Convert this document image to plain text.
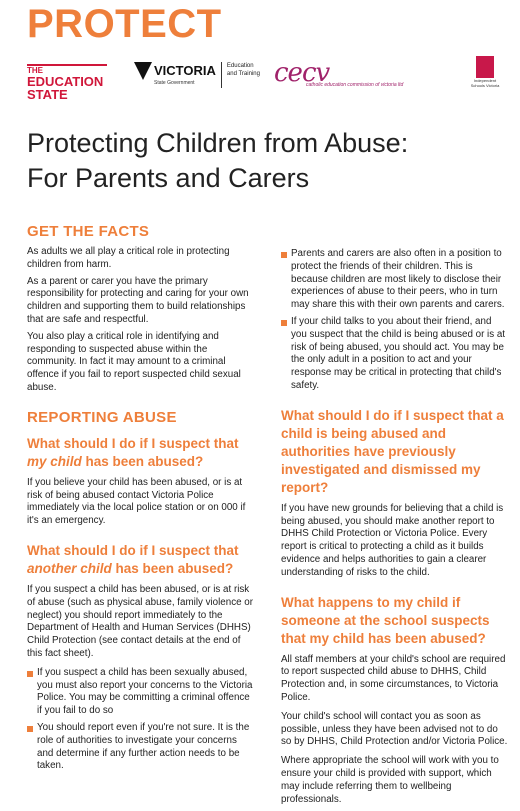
PROTECT
THE
EDUCATION
STATE
VICTORIA
State Government
Education
and Training cecv
catholic education commission of victoria ltd
Independent
Schools Victoria
Protecting Children from Abuse:
For Parents and Carers
GET THE FACTS

As adults we all play a critical role in protecting children from harm.

As a parent or carer you have the primary responsibility for protecting and caring for your own children and supporting them to build relationships that are safe and respectful.

You also play a critical role in identifying and responding to suspected abuse within the community. In fact it may amount to a criminal offence if you fail to report suspected child sexual abuse.

REPORTING ABUSE
What should I do if I suspect that my child has been abused?

If you believe your child has been abused, or is at risk of being abused contact Victoria Police immediately via the local police station or on 000 if it's an emergency.

What should I do if I suspect that another child has been abused?

If you suspect a child has been abused, or is at risk of abuse (such as physical abuse, family violence or neglect) you should report immediately to the Department of Health and Human Services (DHHS) Child Protection (see contact details at the end of this fact sheet).

If you suspect a child has been sexually abused, you must also report your concerns to the Victoria Police. You may be committing a criminal offence if you fail to do so
You should report even if you're not sure. It is the role of authorities to investigate your concerns and determine if any further action needs to be taken.
Parents and carers are also often in a position to protect the friends of their children. This is because children are most likely to disclose their experiences of abuse to their peers, who in turn may share this with their own parents and carers.
If your child talks to you about their friend, and you suspect that the child is being abused or is at risk of being abused, you should act. You may be the only adult in a position to act and your response may be critical in protecting that child's safety.
What should I do if I suspect that a child is being abused and authorities have previously investigated and dismissed my report?

If you have new grounds for believing that a child is being abused, you should make another report to DHHS Child Protection or Victoria Police. Every report is critical to protecting a child as it builds evidence and helps authorities to gain a clearer understanding of risks to the child.

What happens to my child if someone at the school suspects that my child has been abused?

All staff members at your child's school are required to report suspected child abuse to DHHS, Child Protection and, in some circumstances, to Victoria Police.

Your child's school will contact you as soon as possible, unless they have been advised not to do so by DHHS, Child Protection and/or Victoria Police.

Where appropriate the school will work with you to ensure your child is provided with support, which may include referring them to wellbeing professionals.
